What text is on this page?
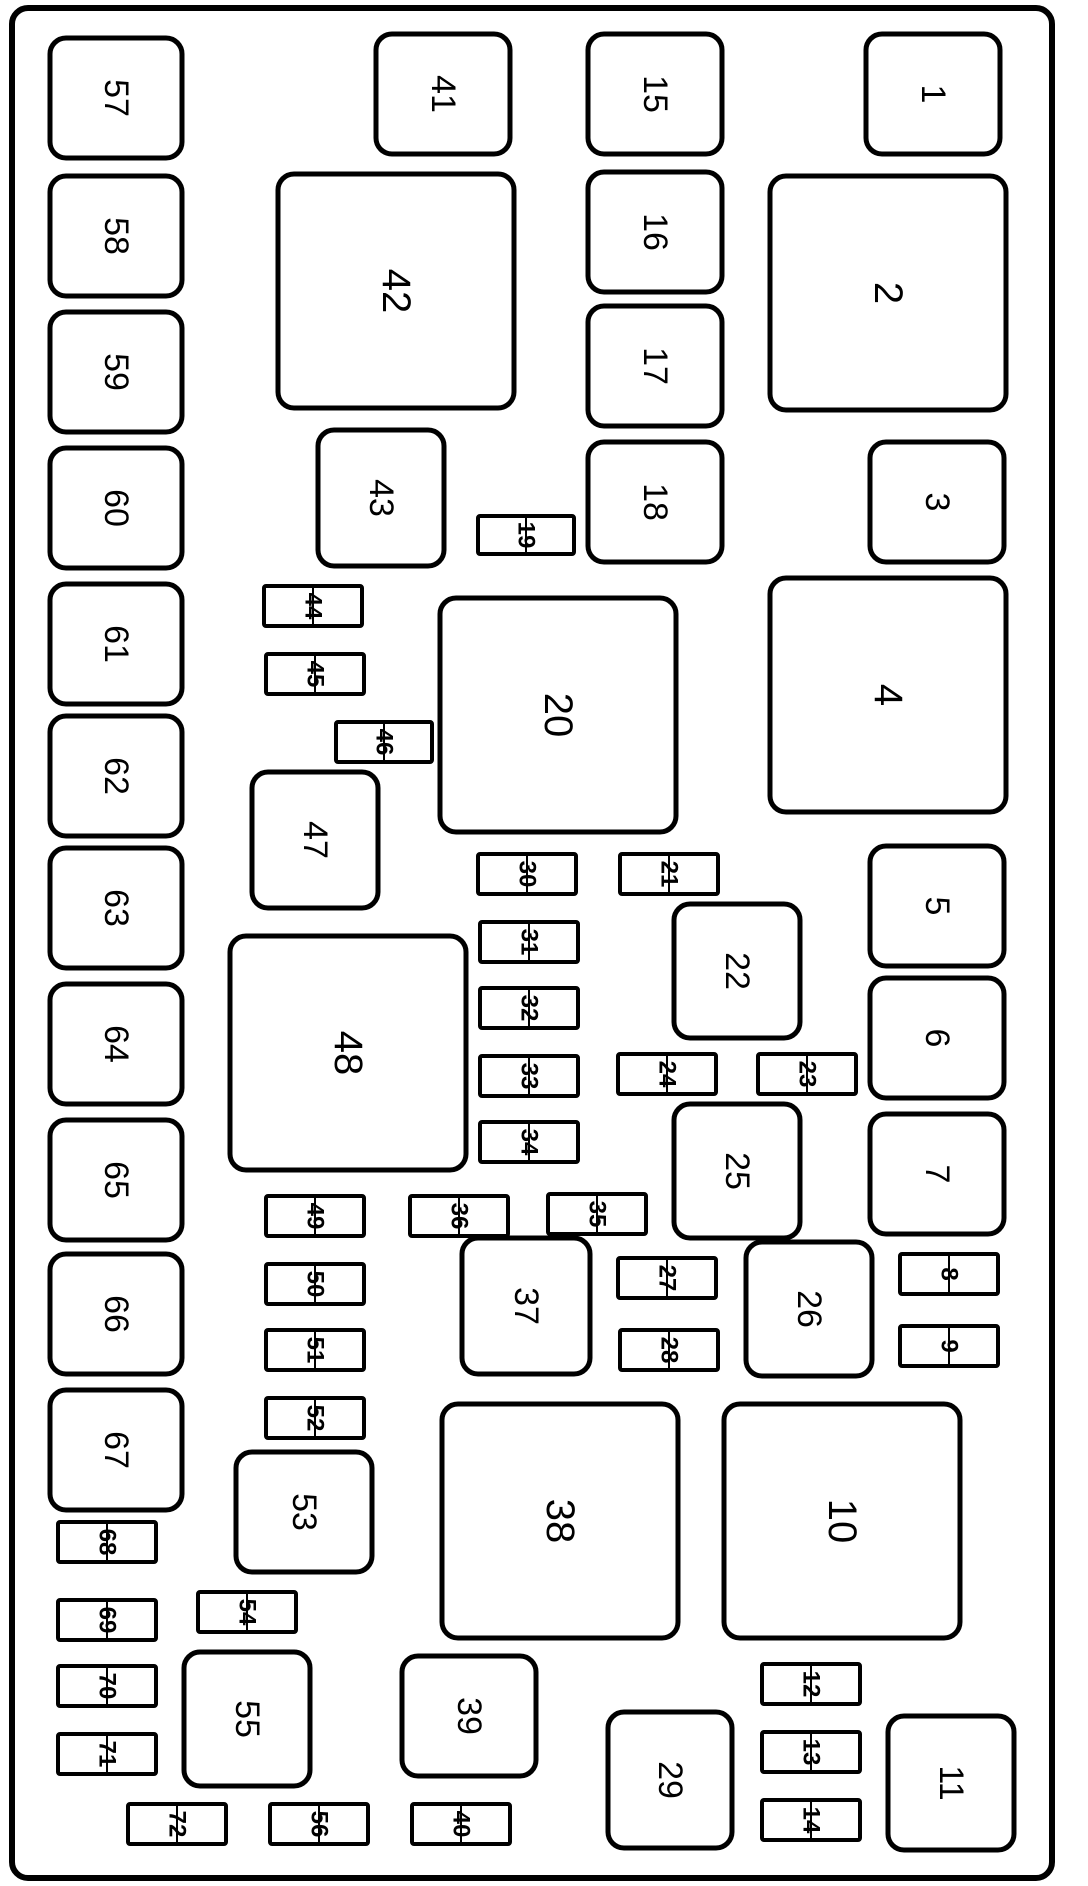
1
2
3
4
5
6
7
10
11
15
16
17
18
20
22
25
26
29
37
38
39
41
42
43
47
48
53
55
57
58
59
60
61
62
63
64
65
66
67
8
9
12
13
14
19
21
23
24
27
28
30
31
32
33
34
35
36
40
44
45
46
49
50
51
52
54
56
68
69
70
71
72
